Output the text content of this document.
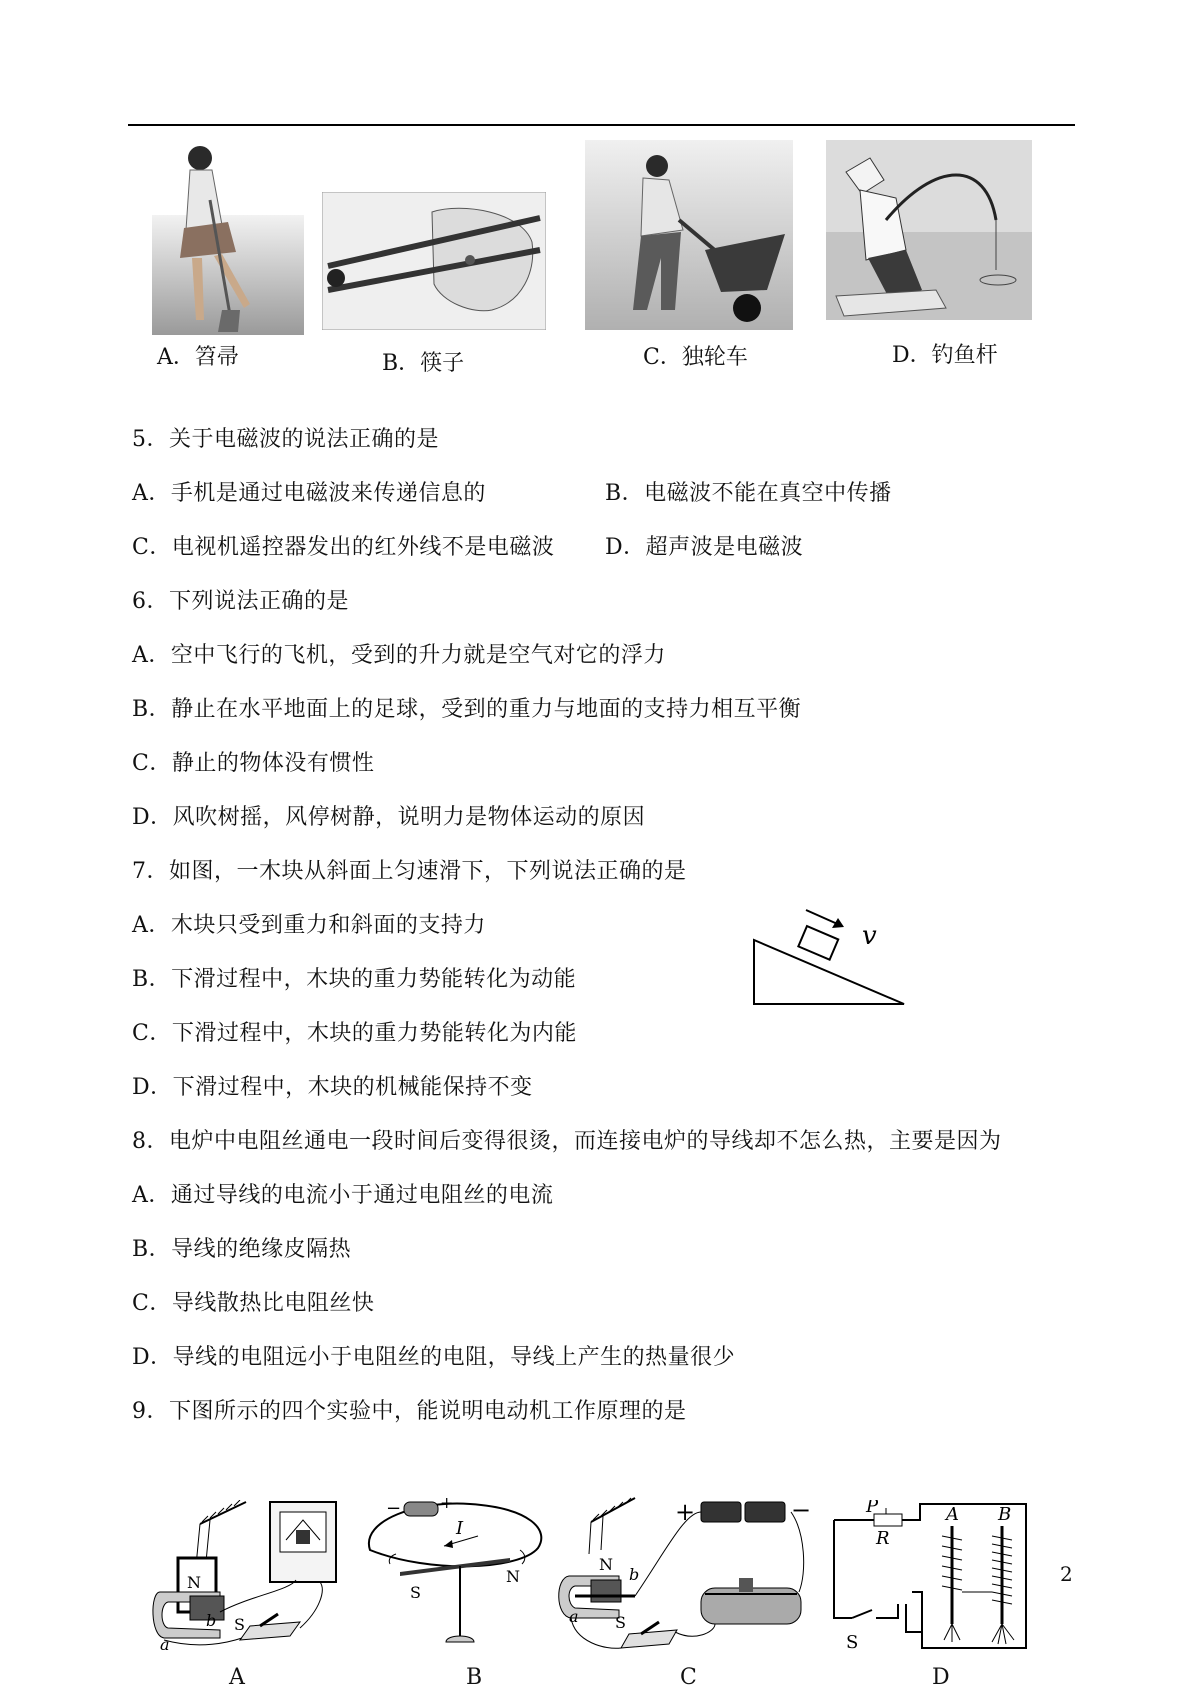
A．笤帚	B．筷子	C．独轮车	D．钓鱼杆
5．关于电磁波的说法正确的是
A．手机是通过电磁波来传递信息的	B．电磁波不能在真空中传播
C．电视机遥控器发出的红外线不是电磁波 D．超声波是电磁波
6．下列说法正确的是
A．空中飞行的飞机，受到的升力就是空气对它的浮力
B．静止在水平地面上的足球，受到的重力与地面的支持力相互平衡
C．静止的物体没有惯性
D．风吹树摇，风停树静，说明力是物体运动的原因
7．如图，一木块从斜面上匀速滑下，下列说法正确的是
A．木块只受到重力和斜面的支持力
B．下滑过程中，木块的重力势能转化为动能
C．下滑过程中，木块的重力势能转化为内能
D．下滑过程中，木块的机械能保持不变
v
8．电炉中电阻丝通电一段时间后变得很烫，而连接电炉的导线却不怎么热，主要是因为
A．通过导线的电流小于通过电阻丝的电流
B．导线的绝缘皮隔热
C．导线散热比电阻丝快
D．导线的电阻远小于电阻丝的电阻，导线上产生的热量很少
9．下图所示的四个实验中，能说明电动机工作原理的是
N
b
a
S
A
− +
I
S
N
B
N
b
a S
+	−
C
P
R
S
A B
D
2
